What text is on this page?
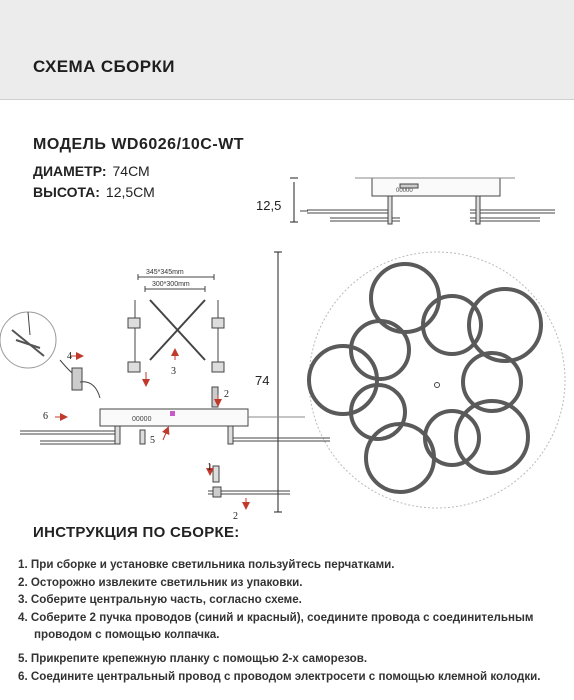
СХЕМА СБОРКИ
МОДЕЛЬ WD6026/10C-WT
ДИАМЕТР: 74СМ
ВЫСОТА: 12,5СМ
12,5
74
00000
345*345mm
300*300mm
00000
1
2
2
3
4
5
6
ИНСТРУКЦИЯ ПО СБОРКЕ:
1. При сборке и установке светильника пользуйтесь перчатками.
2. Осторожно извлеките светильник из упаковки.
3. Соберите центральную часть, согласно схеме.
4. Соберите 2 пучка проводов (синий и красный), соедините провода с соединительным
проводом с помощью колпачка.
5. Прикрепите крепежную планку с помощью 2-х саморезов.
6. Соедините центральный провод с проводом электросети с помощью клемной колодки.
